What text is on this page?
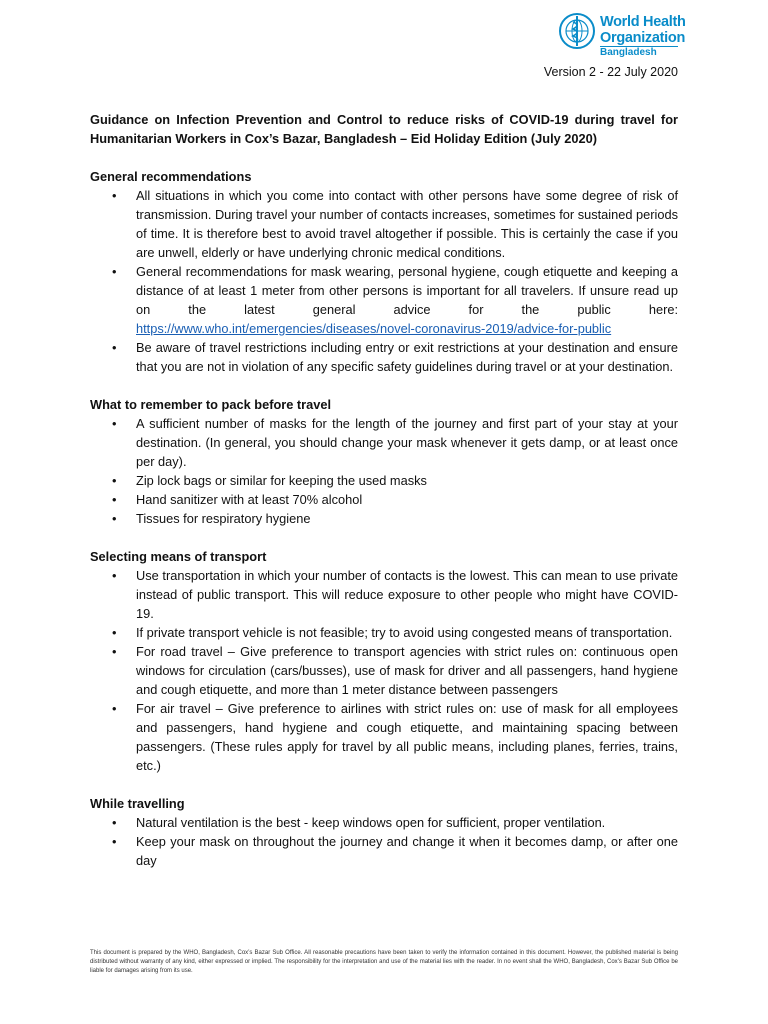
World Health
Organization
Bangladesh
Version 2 - 22 July 2020

Guidance on Infection Prevention and Control to reduce risks of COVID-19 during travel for Humanitarian Workers in Cox’s Bazar, Bangladesh – Eid Holiday Edition (July 2020)

General recommendations

•	All situations in which you come into contact with other persons have some degree of risk of transmission. During travel your number of contacts increases, sometimes for sustained periods of time. It is therefore best to avoid travel altogether if possible. This is certainly the case if you are unwell, elderly or have underlying chronic medical conditions.
•	General recommendations for mask wearing, personal hygiene, cough etiquette and keeping a distance of at least 1 meter from other persons is important for all travelers. If unsure read up on the latest general advice for the public here: https://www.who.int/emergencies/diseases/novel-coronavirus-2019/advice-for-public
•	Be aware of travel restrictions including entry or exit restrictions at your destination and ensure that you are not in violation of any specific safety guidelines during travel or at your destination.

What to remember to pack before travel

•	A sufficient number of masks for the length of the journey and first part of your stay at your destination. (In general, you should change your mask whenever it gets damp, or at least once per day).
•	Zip lock bags or similar for keeping the used masks
•	Hand sanitizer with at least 70% alcohol
•	Tissues for respiratory hygiene

Selecting means of transport

•	Use transportation in which your number of contacts is the lowest. This can mean to use private instead of public transport. This will reduce exposure to other people who might have COVID-19.
•	If private transport vehicle is not feasible; try to avoid using congested means of transportation.
•	For road travel – Give preference to transport agencies with strict rules on: continuous open windows for circulation (cars/busses), use of mask for driver and all passengers, hand hygiene and cough etiquette, and more than 1 meter distance between passengers
•	For air travel – Give preference to airlines with strict rules on: use of mask for all employees and passengers, hand hygiene and cough etiquette, and maintaining spacing between passengers. (These rules apply for travel by all public means, including planes, ferries, trains, etc.)

While travelling

•	Natural ventilation is the best - keep windows open for sufficient, proper ventilation.
•	Keep your mask on throughout the journey and change it when it becomes damp, or after one day
This document is prepared by the WHO, Bangladesh, Cox’s Bazar Sub Office. All reasonable precautions have been taken to verify the information contained in this document. However, the published material is being distributed without warranty of any kind, either expressed or implied. The responsibility for the interpretation and use of the material lies with the reader. In no event shall the WHO, Bangladesh, Cox’s Bazar Sub Office be liable for damages arising from its use.
